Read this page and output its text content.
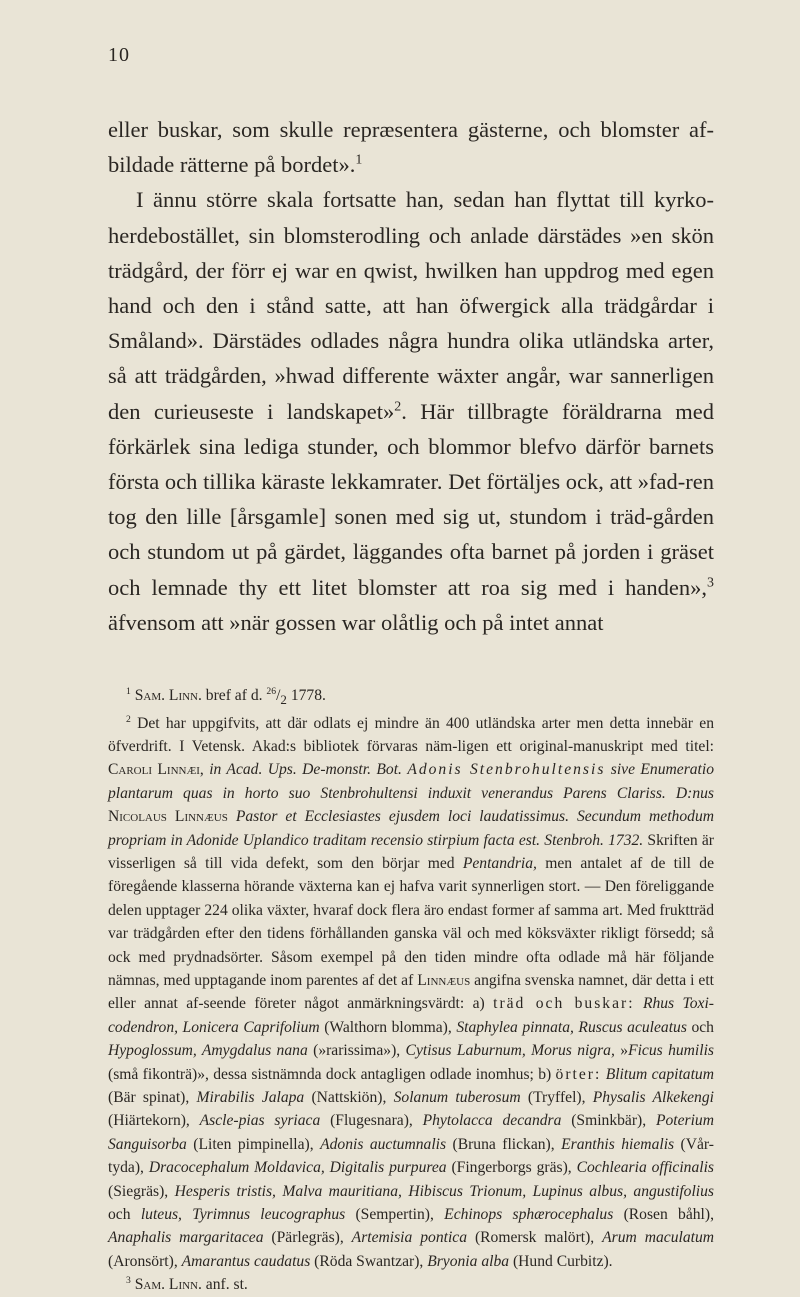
10

eller buskar, som skulle repræsentera gästerne, och blomster af-bildade rätterne på bordet».$^1$

I ännu större skala fortsatte han, sedan han flyttat till kyrko-herdebostället, sin blomsterodling och anlade därstädes »en skön trädgård, der förr ej war en qwist, hwilken han uppdrog med egen hand och den i stånd satte, att han öfwergick alla trädgårdar i Småland». Därstädes odlades några hundra olika utländska arter, så att trädgården, »hwad differente wäxter angår, war sannerligen den curieuseste i landskapet»$^2$. Här tillbragte föräldrarna med förkärlek sina lediga stunder, och blommor blefvo därför barnets första och tillika käraste lekkamrater. Det förtäljes ock, att »fad-ren tog den lille [årsgamle] sonen med sig ut, stundom i träd-gården och stundom ut på gärdet, läggandes ofta barnet på jorden i gräset och lemnade thy ett litet blomster att roa sig med i handen»,$^3$ äfvensom att »när gossen war olåtlig och på intet annat

$^1$ Sam. Linn. bref af d. $^{26}/_2$ 1778.

$^2$ Det har uppgifvits, att där odlats ej mindre än 400 utländska arter men detta innebär en öfverdrift. I Vetensk. Akad:s bibliotek förvaras näm-ligen ett original-manuskript med titel: Caroli Linnæi, in Acad. Ups. De-monstr. Bot. Adonis Stenbrohultensis sive Enumeratio plantarum quas in horto suo Stenbrohultensi induxit venerandus Parens Clariss. D:nus Nicolaus Linnæus Pastor et Ecclesiastes ejusdem loci laudatissimus. Secundum methodum propriam in Adonide Uplandico traditam recensio stirpium facta est. Stenbroh. 1732. Skriften är visserligen så till vida defekt, som den börjar med Pentandria, men antalet af de till de föregående klasserna hörande växterna kan ej hafva varit synnerligen stort. — Den föreliggande delen upptager 224 olika växter, hvaraf dock flera äro endast former af samma art. Med fruktträd var trädgården efter den tidens förhållanden ganska väl och med köksväxter rikligt försedd; så ock med prydnadsörter. Såsom exempel på den tiden mindre ofta odlade må här följande nämnas, med upptagande inom parentes af det af Linnæus angifna svenska namnet, där detta i ett eller annat af-seende företer något anmärkningsvärdt: a) träd och buskar: Rhus Toxi-codendron, Lonicera Caprifolium (Walthorn blomma), Staphylea pinnata, Ruscus aculeatus och Hypoglossum, Amygdalus nana (»rarissima»), Cytisus Laburnum, Morus nigra, »Ficus humilis (små fikonträ)», dessa sistnämnda dock antagligen odlade inomhus; b) örter: Blitum capitatum (Bär spinat), Mirabilis Jalapa (Nattskiön), Solanum tuberosum (Tryffel), Physalis Alkekengi (Hiärtekorn), Ascle-pias syriaca (Flugesnara), Phytolacca decandra (Sminkbär), Poterium Sanguisorba (Liten pimpinella), Adonis auctumnalis (Bruna flickan), Eranthis hiemalis (Vår-tyda), Dracocephalum Moldavica, Digitalis purpurea (Fingerborgs gräs), Cochlearia officinalis (Siegräs), Hesperis tristis, Malva mauritiana, Hibiscus Trionum, Lupinus albus, angustifolius och luteus, Tyrimnus leucographus (Sempertin), Echinops sphærocephalus (Rosen båhl), Anaphalis margaritacea (Pärlegräs), Artemisia pontica (Romersk malört), Arum maculatum (Aronsört), Amarantus caudatus (Röda Swantzar), Bryonia alba (Hund Curbitz).

$^3$ Sam. Linn. anf. st.
